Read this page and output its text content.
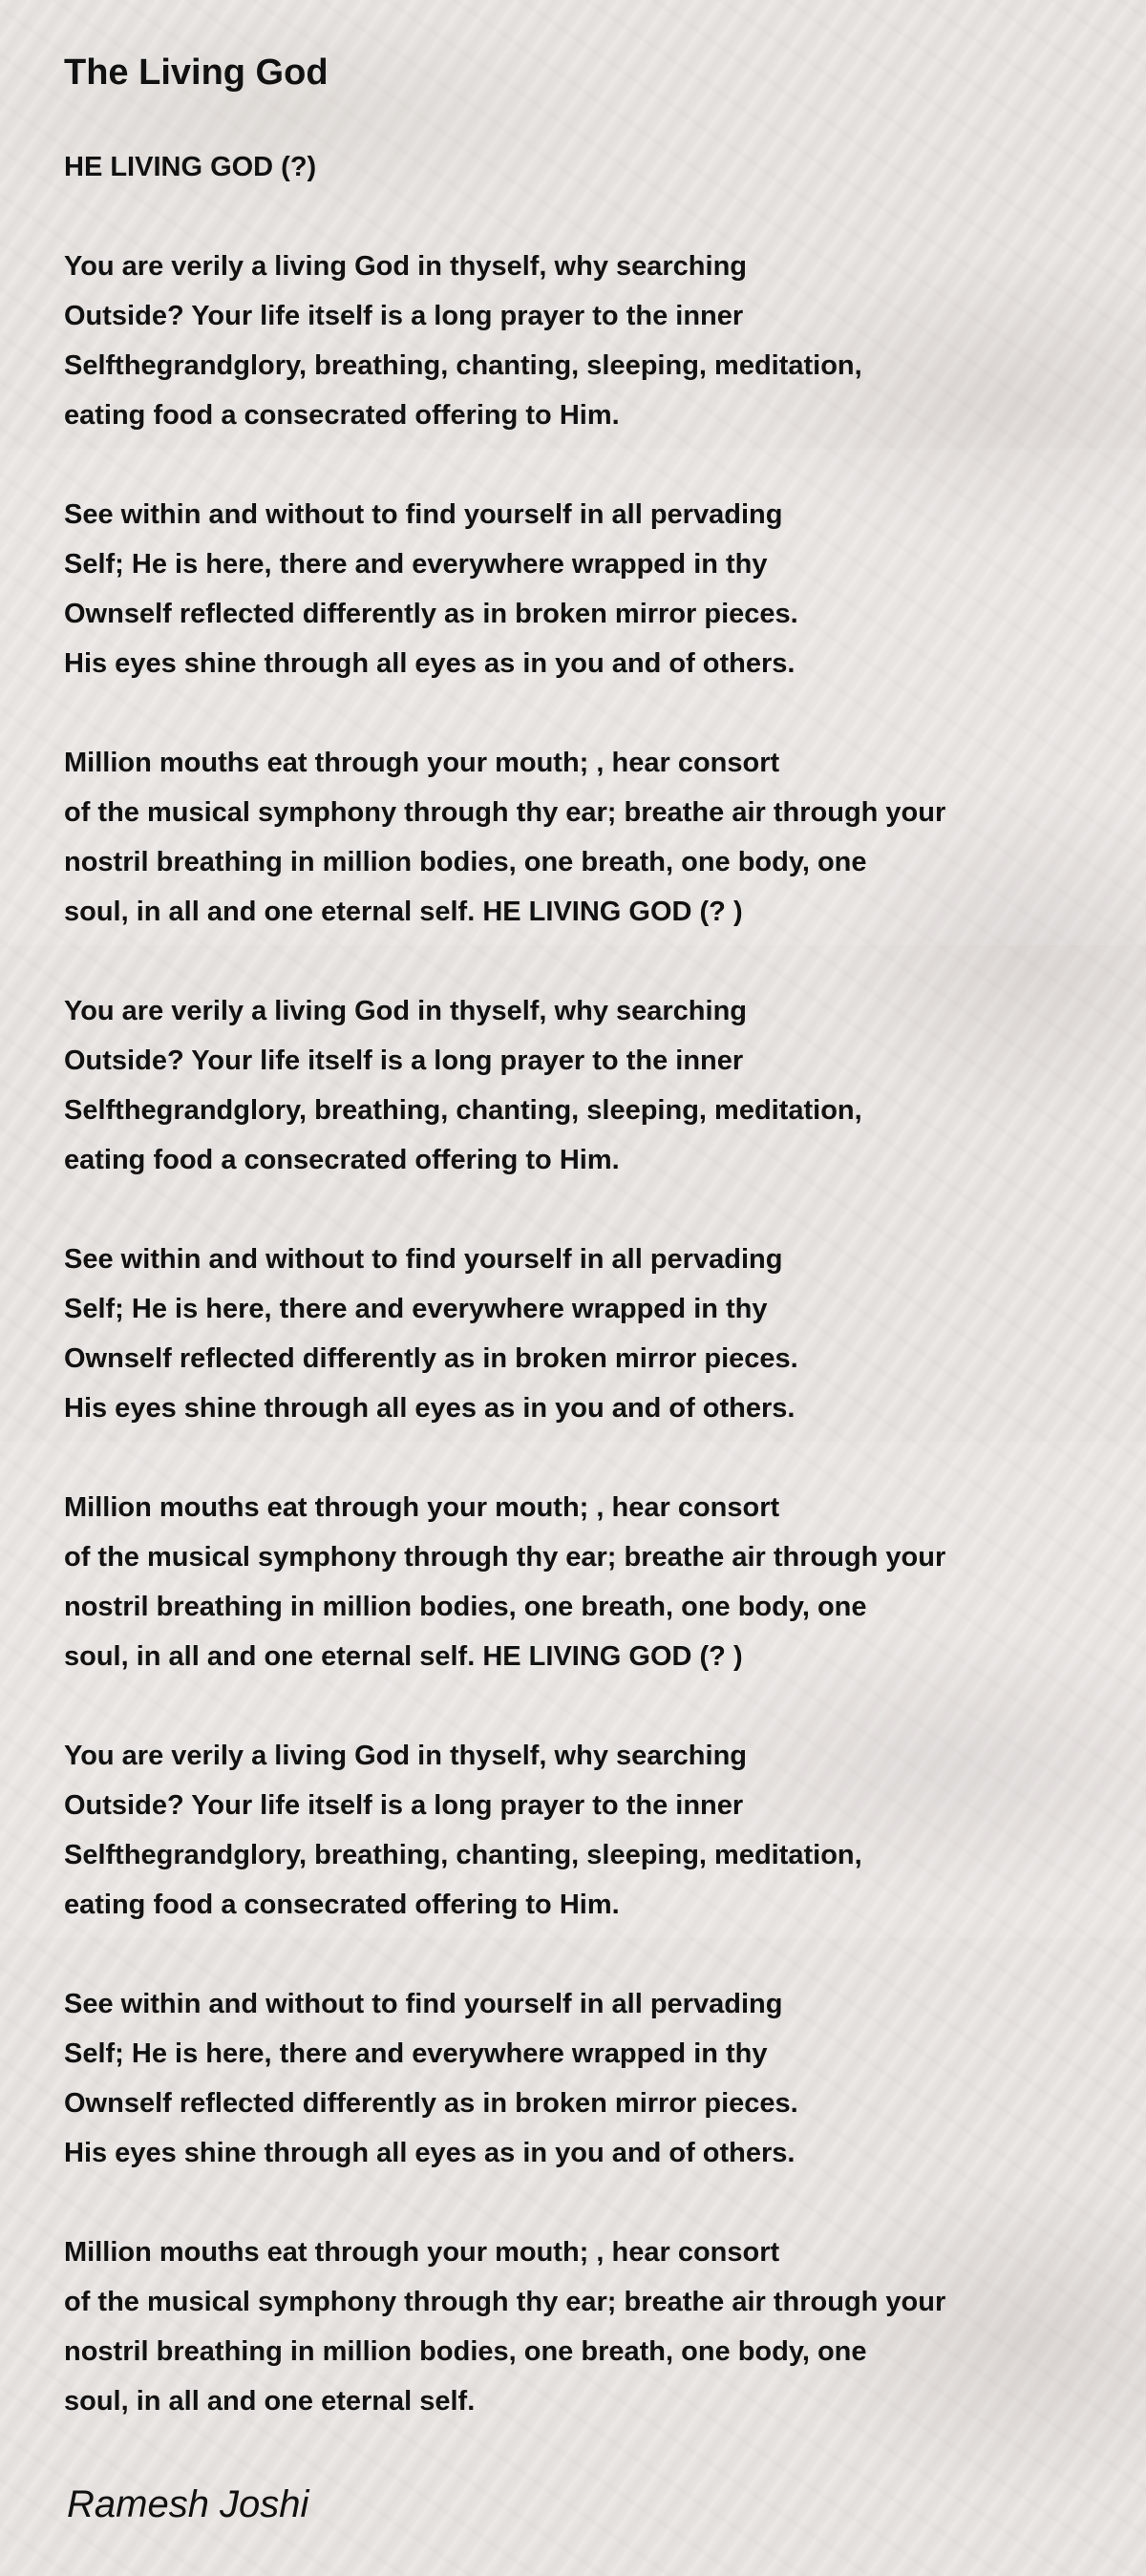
The Living God
HE LIVING GOD (?)
You are verily a living God in thyself, why searching
Outside? Your life itself is a long prayer to the inner
Selfthegrandglory, breathing, chanting, sleeping, meditation,
eating food a consecrated offering to Him.
See within and without to find yourself in all pervading
Self; He is here, there and everywhere wrapped in thy
Ownself reflected differently as in broken mirror pieces.
His eyes shine through all eyes as in you and of others.
Million mouths eat through your mouth; , hear consort
of the musical symphony through thy ear; breathe air through your
nostril breathing in million bodies, one breath, one body, one
soul, in all and one eternal self. HE LIVING GOD (? )
You are verily a living God in thyself, why searching
Outside? Your life itself is a long prayer to the inner
Selfthegrandglory, breathing, chanting, sleeping, meditation,
eating food a consecrated offering to Him.
See within and without to find yourself in all pervading
Self; He is here, there and everywhere wrapped in thy
Ownself reflected differently as in broken mirror pieces.
His eyes shine through all eyes as in you and of others.
Million mouths eat through your mouth; , hear consort
of the musical symphony through thy ear; breathe air through your
nostril breathing in million bodies, one breath, one body, one
soul, in all and one eternal self. HE LIVING GOD (? )
You are verily a living God in thyself, why searching
Outside? Your life itself is a long prayer to the inner
Selfthegrandglory, breathing, chanting, sleeping, meditation,
eating food a consecrated offering to Him.
See within and without to find yourself in all pervading
Self; He is here, there and everywhere wrapped in thy
Ownself reflected differently as in broken mirror pieces.
His eyes shine through all eyes as in you and of others.
Million mouths eat through your mouth; , hear consort
of the musical symphony through thy ear; breathe air through your
nostril breathing in million bodies, one breath, one body, one
soul, in all and one eternal self.
Ramesh Joshi
